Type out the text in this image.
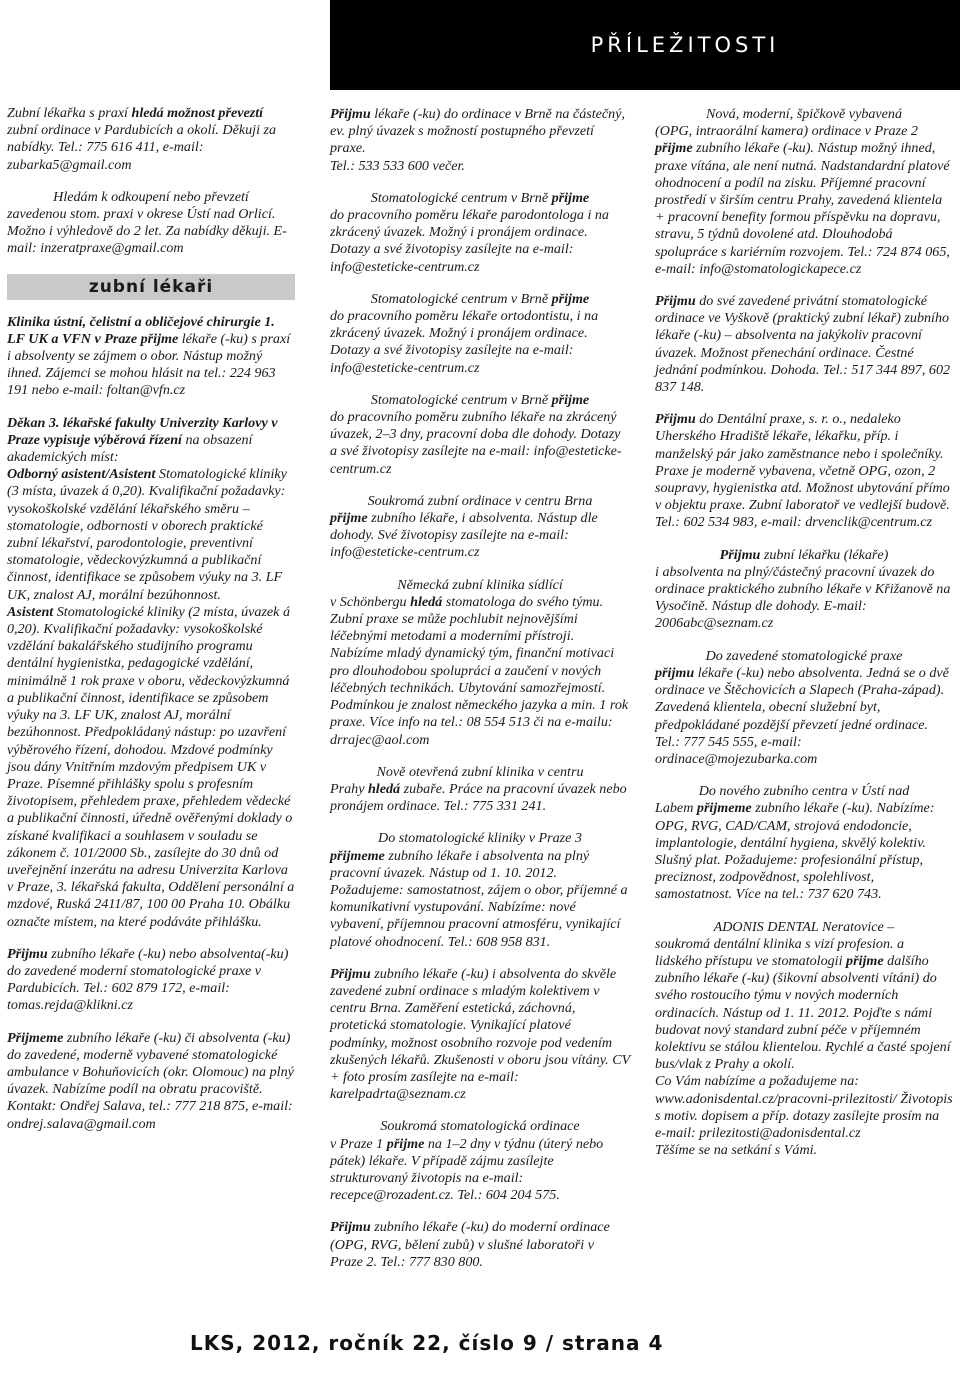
PŘÍLEŽITOSTI

Zubní lékařka s praxí hledá možnost převeztí zubní ordinace v Pardubicích a okolí. Děkuji za nabídky. Tel.: 775 616 411, e-mail: zubarka5@gmail.com

Hledám k odkoupení nebo převzetí
zavedenou stom. praxi v okrese Ústí nad Orlicí. Možno i výhledově do 2 let. Za nabídky děkuji. E-mail: inzeratpraxe@gmail.com

zubní lékaři

Klinika ústní, čelistní a obličejové chirurgie 1. LF UK a VFN v Praze přijme lékaře (-ku) s praxí i absolventy se zájmem o obor. Nástup možný ihned. Zájemci se mohou hlásit na tel.: 224 963 191 nebo e-mail: foltan@vfn.cz

Děkan 3. lékařské fakulty Univerzity Karlovy v Praze vypisuje výběrová řízení na obsazení akademických míst:
Odborný asistent/Asistent Stomatologické kliniky (3 místa, úvazek á 0,20). Kvalifikační požadavky: vysokoškolské vzdělání lékařského směru – stomatologie, odbornosti v oborech praktické zubní lékařství, parodontologie, preventivní stomatologie, vědeckovýzkumná a publikační činnost, identifikace se způsobem výuky na 3. LF UK, znalost AJ, morální bezúhonnost.
Asistent Stomatologické kliniky (2 místa, úvazek á 0,20). Kvalifikační požadavky: vysokoškolské vzdělání bakalářského studijního programu dentální hygienistka, pedagogické vzdělání, minimálně 1 rok praxe v oboru, vědeckovýzkumná a publikační činnost, identifikace se způsobem výuky na 3. LF UK, znalost AJ, morální bezúhonnost. Předpokládaný nástup: po uzavření výběrového řízení, dohodou. Mzdové podmínky jsou dány Vnitřním mzdovým předpisem UK v Praze. Písemné přihlášky spolu s profesním životopisem, přehledem praxe, přehledem vědecké a publikační činnosti, úředně ověřenými doklady o získané kvalifikaci a souhlasem v souladu se zákonem č. 101/2000 Sb., zasílejte do 30 dnů od uveřejnění inzerátu na adresu Univerzita Karlova v Praze, 3. lékařská fakulta, Oddělení personální a mzdové, Ruská 2411/87, 100 00 Praha 10. Obálku označte místem, na které podáváte přihlášku.

Přijmu zubního lékaře (-ku) nebo absolventa(-ku) do zavedené moderní stomatologické praxe v Pardubicích. Tel.: 602 879 172, e-mail: tomas.rejda@klikni.cz

Přijmeme zubního lékaře (-ku) či absolventa (-ku) do zavedené, moderně vybavené stomatologické ambulance v Bohuňovicích (okr. Olomouc) na plný úvazek. Nabízíme podíl na obratu pracoviště. Kontakt: Ondřej Salava, tel.: 777 218 875, e-mail: ondrej.salava@gmail.com

Přijmu lékaře (-ku) do ordinace v Brně na částečný, ev. plný úvazek s možností postupného převzetí praxe.
Tel.: 533 533 600 večer.

Stomatologické centrum v Brně přijme
do pracovního poměru lékaře parodontologa i na zkrácený úvazek. Možný i pronájem ordinace. Dotazy a své životopisy zasílejte na e-mail: info@esteticke-centrum.cz

Stomatologické centrum v Brně přijme
do pracovního poměru lékaře ortodontistu, i na zkrácený úvazek. Možný i pronájem ordinace. Dotazy a své životopisy zasílejte na e-mail: info@esteticke-centrum.cz

Stomatologické centrum v Brně přijme
do pracovního poměru zubního lékaře na zkrácený úvazek, 2–3 dny, pracovní doba dle dohody. Dotazy a své životopisy zasílejte na e-mail: info@esteticke-centrum.cz

Soukromá zubní ordinace v centru Brna
přijme zubního lékaře, i absolventa. Nástup dle dohody. Své životopisy zasílejte na e-mail: info@esteticke-centrum.cz

Německá zubní klinika sídlící
v Schönbergu hledá stomatologa do svého týmu. Zubní praxe se může pochlubit nejnovějšími léčebnými metodami a moderními přístroji. Nabízíme mladý dynamický tým, finanční motivaci pro dlouhodobou spolupráci a zaučení v nových léčebných technikách. Ubytování samozřejmostí. Podmínkou je znalost německého jazyka a min. 1 rok praxe. Více info na tel.: 08 554 513 či na e-mailu: drrajec@aol.com

Nově otevřená zubní klinika v centru
Prahy hledá zubaře. Práce na pracovní úvazek nebo pronájem ordinace. Tel.: 775 331 241.

Do stomatologické kliniky v Praze 3
přijmeme zubního lékaře i absolventa na plný pracovní úvazek. Nástup od 1. 10. 2012. Požadujeme: samostatnost, zájem o obor, příjemné a komunikativní vystupování. Nabízíme: nové vybavení, příjemnou pracovní atmosféru, vynikající platové ohodnocení. Tel.: 608 958 831.

Přijmu zubního lékaře (-ku) i absolventa do skvěle zavedené zubní ordinace s mladým kolektivem v centru Brna. Zaměření estetická, záchovná, protetická stomatologie. Vynikající platové podmínky, možnost osobního rozvoje pod vedením zkušených lékařů. Zkušenosti v oboru jsou vítány. CV + foto prosím zasílejte na e-mail: karelpadrta@seznam.cz

Soukromá stomatologická ordinace
v Praze 1 přijme na 1–2 dny v týdnu (úterý nebo pátek) lékaře. V případě zájmu zasílejte strukturovaný životopis na e-mail: recepce@rozadent.cz. Tel.: 604 204 575.

Přijmu zubního lékaře (-ku) do moderní ordinace (OPG, RVG, bělení zubů) v slušné laboratoři v Praze 2. Tel.: 777 830 800.

Nová, moderní, špičkově vybavená
(OPG, intraorální kamera) ordinace v Praze 2 přijme zubního lékaře (-ku). Nástup možný ihned, praxe vítána, ale není nutná. Nadstandardní platové ohodnocení a podíl na zisku. Příjemné pracovní prostředí v širším centru Prahy, zavedená klientela + pracovní benefity formou příspěvku na dopravu, stravu, 5 týdnů dovolené atd. Dlouhodobá spolupráce s kariérním rozvojem. Tel.: 724 874 065, e-mail: info@stomatologickapece.cz

Přijmu do své zavedené privátní stomatologické ordinace ve Vyškově (praktický zubní lékař) zubního lékaře (-ku) – absolventa na jakýkoliv pracovní úvazek. Možnost přenechání ordinace. Čestné jednání podmínkou. Dohoda. Tel.: 517 344 897, 602 837 148.

Přijmu do Dentální praxe, s. r. o., nedaleko Uherského Hradiště lékaře, lékařku, příp. i manželský pár jako zaměstnance nebo i společníky. Praxe je moderně vybavena, včetně OPG, ozon, 2 soupravy, hygienistka atd. Možnost ubytování přímo v objektu praxe. Zubní laboratoř ve vedlejší budově. Tel.: 602 534 983, e-mail: drvenclik@centrum.cz

Přijmu zubní lékařku (lékaře)
i absolventa na plný/částečný pracovní úvazek do ordinace praktického zubního lékaře v Křižanově na Vysočině. Nástup dle dohody. E-mail: 2006abc@seznam.cz

Do zavedené stomatologické praxe
přijmu lékaře (-ku) nebo absolventa. Jedná se o dvě ordinace ve Štěchovicích a Slapech (Praha-západ). Zavedená klientela, obecní služební byt, předpokládané pozdější převzetí jedné ordinace. Tel.: 777 545 555, e-mail: ordinace@mojezubarka.com

Do nového zubního centra v Ústí nad
Labem přijmeme zubního lékaře (-ku). Nabízíme: OPG, RVG, CAD/CAM, strojová endodoncie, implantologie, dentální hygiena, skvělý kolektiv. Slušný plat. Požadujeme: profesionální přístup, preciznost, zodpovědnost, spolehlivost, samostatnost. Více na tel.: 737 620 743.

ADONIS DENTAL Neratovice –
soukromá dentální klinika s vizí profesion. a lidského přístupu ve stomatologii přijme dalšího zubního lékaře (-ku) (šikovní absolventi vítáni) do svého rostoucího týmu v nových moderních ordinacích. Nástup od 1. 11. 2012. Pojďte s námi budovat nový standard zubní péče v příjemném kolektivu se stálou klientelou. Rychlé a časté spojení bus/vlak z Prahy a okolí.
Co Vám nabízíme a požadujeme na: www.adonisdental.cz/pracovni-prilezitosti/ Životopis s motiv. dopisem a příp. dotazy zasílejte prosím na e-mail: prilezitosti@adonisdental.cz
Těšíme se na setkání s Vámi.

LKS, 2012, ročník 22, číslo 9 / strana 4
